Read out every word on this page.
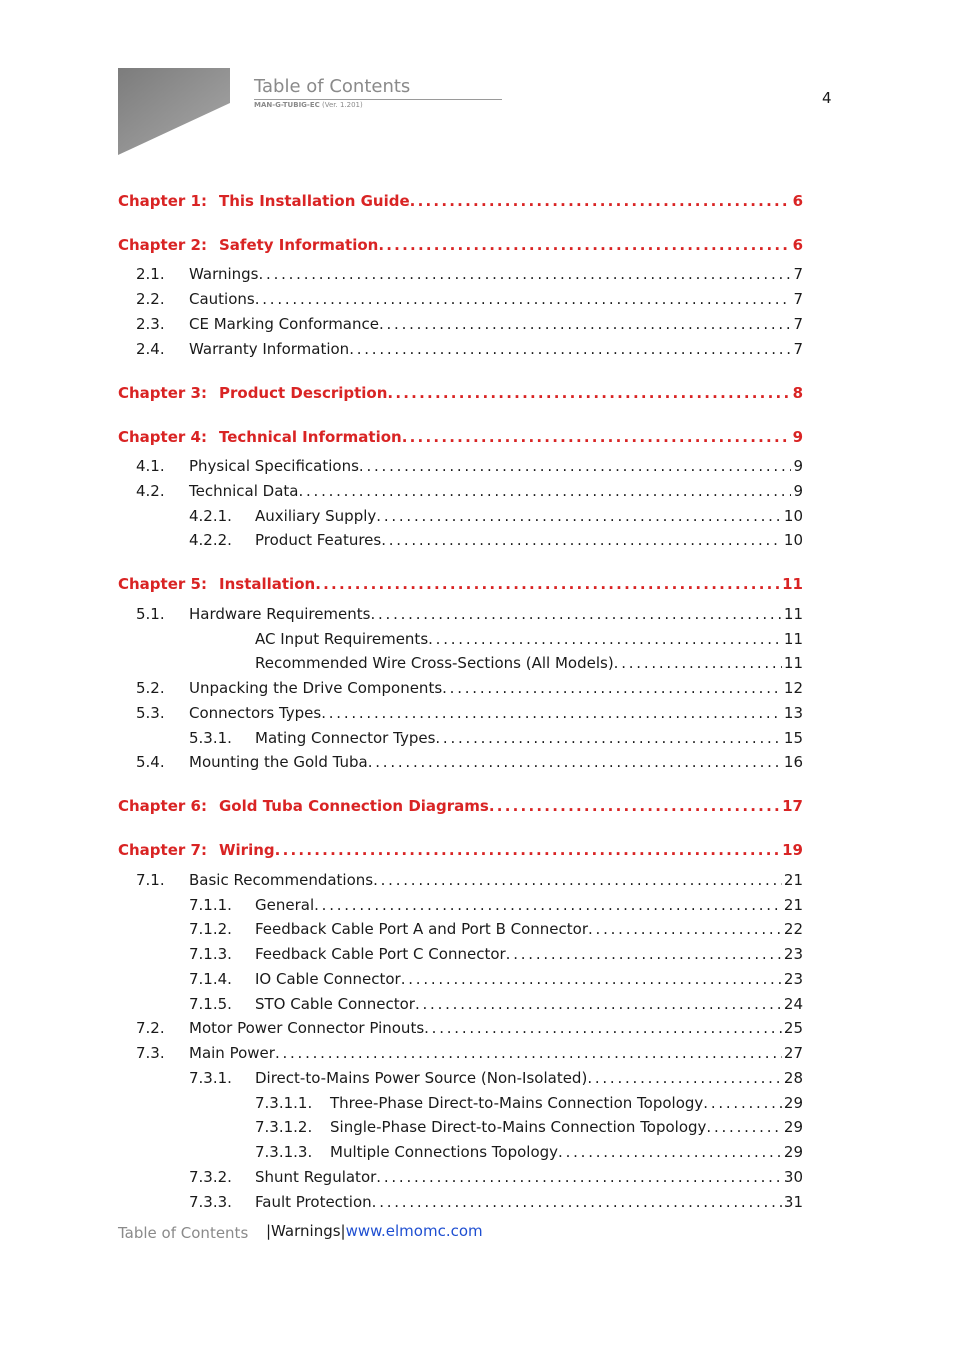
Table of Contents
MAN-G-TUBIG-EC (Ver. 1.201)	4
Chapter 1: This Installation Guide . . .	6
Chapter 2: Safety Information . . .	6
2.1.	Warnings . . .	7
2.2.	Cautions . . .	7
2.3.	CE Marking Conformance . . .	7
2.4.	Warranty Information . . .	7
Chapter 3: Product Description . . .	8
Chapter 4: Technical Information . . .	9
4.1.	Physical Specifications . . .	9
4.2.	Technical Data . . .	9
4.2.1.	Auxiliary Supply . . .	10
4.2.2.	Product Features . . .	10
Chapter 5: Installation . . .	11
5.1.	Hardware Requirements . . .	11
AC Input Requirements . . .	11
Recommended Wire Cross-Sections (All Models) . . .	11
5.2.	Unpacking the Drive Components . . .	12
5.3.	Connectors Types . . .	13
5.3.1.	Mating Connector Types . . .	15
5.4.	Mounting the Gold Tuba . . .	16
Chapter 6: Gold Tuba Connection Diagrams . . .	17
Chapter 7: Wiring . . .	19
7.1.	Basic Recommendations . . .	21
7.1.1.	General . . .	21
7.1.2.	Feedback Cable Port A and Port B Connector . . .	22
7.1.3.	Feedback Cable Port C Connector . . .	23
7.1.4.	IO Cable Connector . . .	23
7.1.5.	STO Cable Connector . . .	24
7.2.	Motor Power Connector Pinouts . . .	25
7.3.	Main Power . . .	27
7.3.1.	Direct-to-Mains Power Source (Non-Isolated) . . .	28
7.3.1.1.	Three-Phase Direct-to-Mains Connection Topology . . .	29
7.3.1.2.	Single-Phase Direct-to-Mains Connection Topology . . .	29
7.3.1.3.	Multiple Connections Topology . . .	29
7.3.2.	Shunt Regulator . . .	30
7.3.3.	Fault Protection . . .	31
Table of Contents |Warnings|www.elmomc.com
